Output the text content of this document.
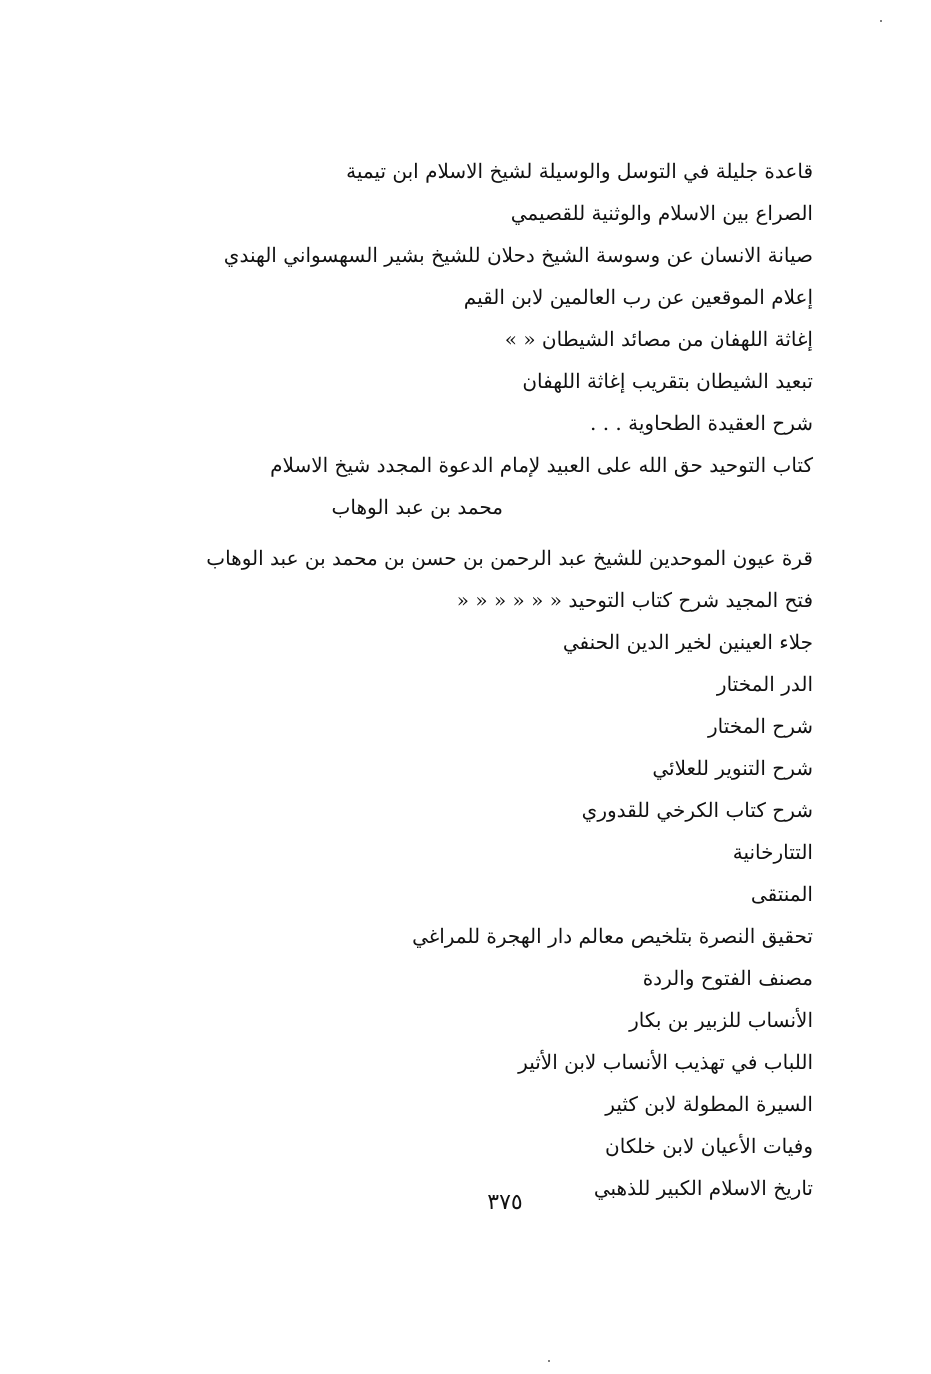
قاعدة جليلة في التوسل والوسيلة لشيخ الاسلام ابن تيمية
الصراع بين الاسلام والوثنية للقصيمي
صيانة الانسان عن وسوسة الشيخ دحلان للشيخ بشير السهسواني الهندي
إعلام الموقعين عن رب العالمين لابن القيم
إغاثة اللهفان من مصائد الشيطان « »
تبعيد الشيطان بتقريب إغاثة اللهفان
شرح العقيدة الطحاوية . . .
كتاب التوحيد حق الله على العبيد لإمام الدعوة المجدد شيخ الاسلام
محمد بن عبد الوهاب
قرة عيون الموحدين للشيخ عبد الرحمن بن حسن بن محمد بن عبد الوهاب
فتح المجيد شرح كتاب التوحيد « « « « « «
جلاء العينين لخير الدين الحنفي
الدر المختار
شرح المختار
شرح التنوير للعلائي
شرح كتاب الكرخي للقدوري
التتارخانية
المنتقى
تحقيق النصرة بتلخيص معالم دار الهجرة للمراغي
مصنف الفتوح والردة
الأنساب للزبير بن بكار
اللباب في تهذيب الأنساب لابن الأثير
السيرة المطولة لابن كثير
وفيات الأعيان لابن خلكان
تاريخ الاسلام الكبير للذهبي
٣٧٥
